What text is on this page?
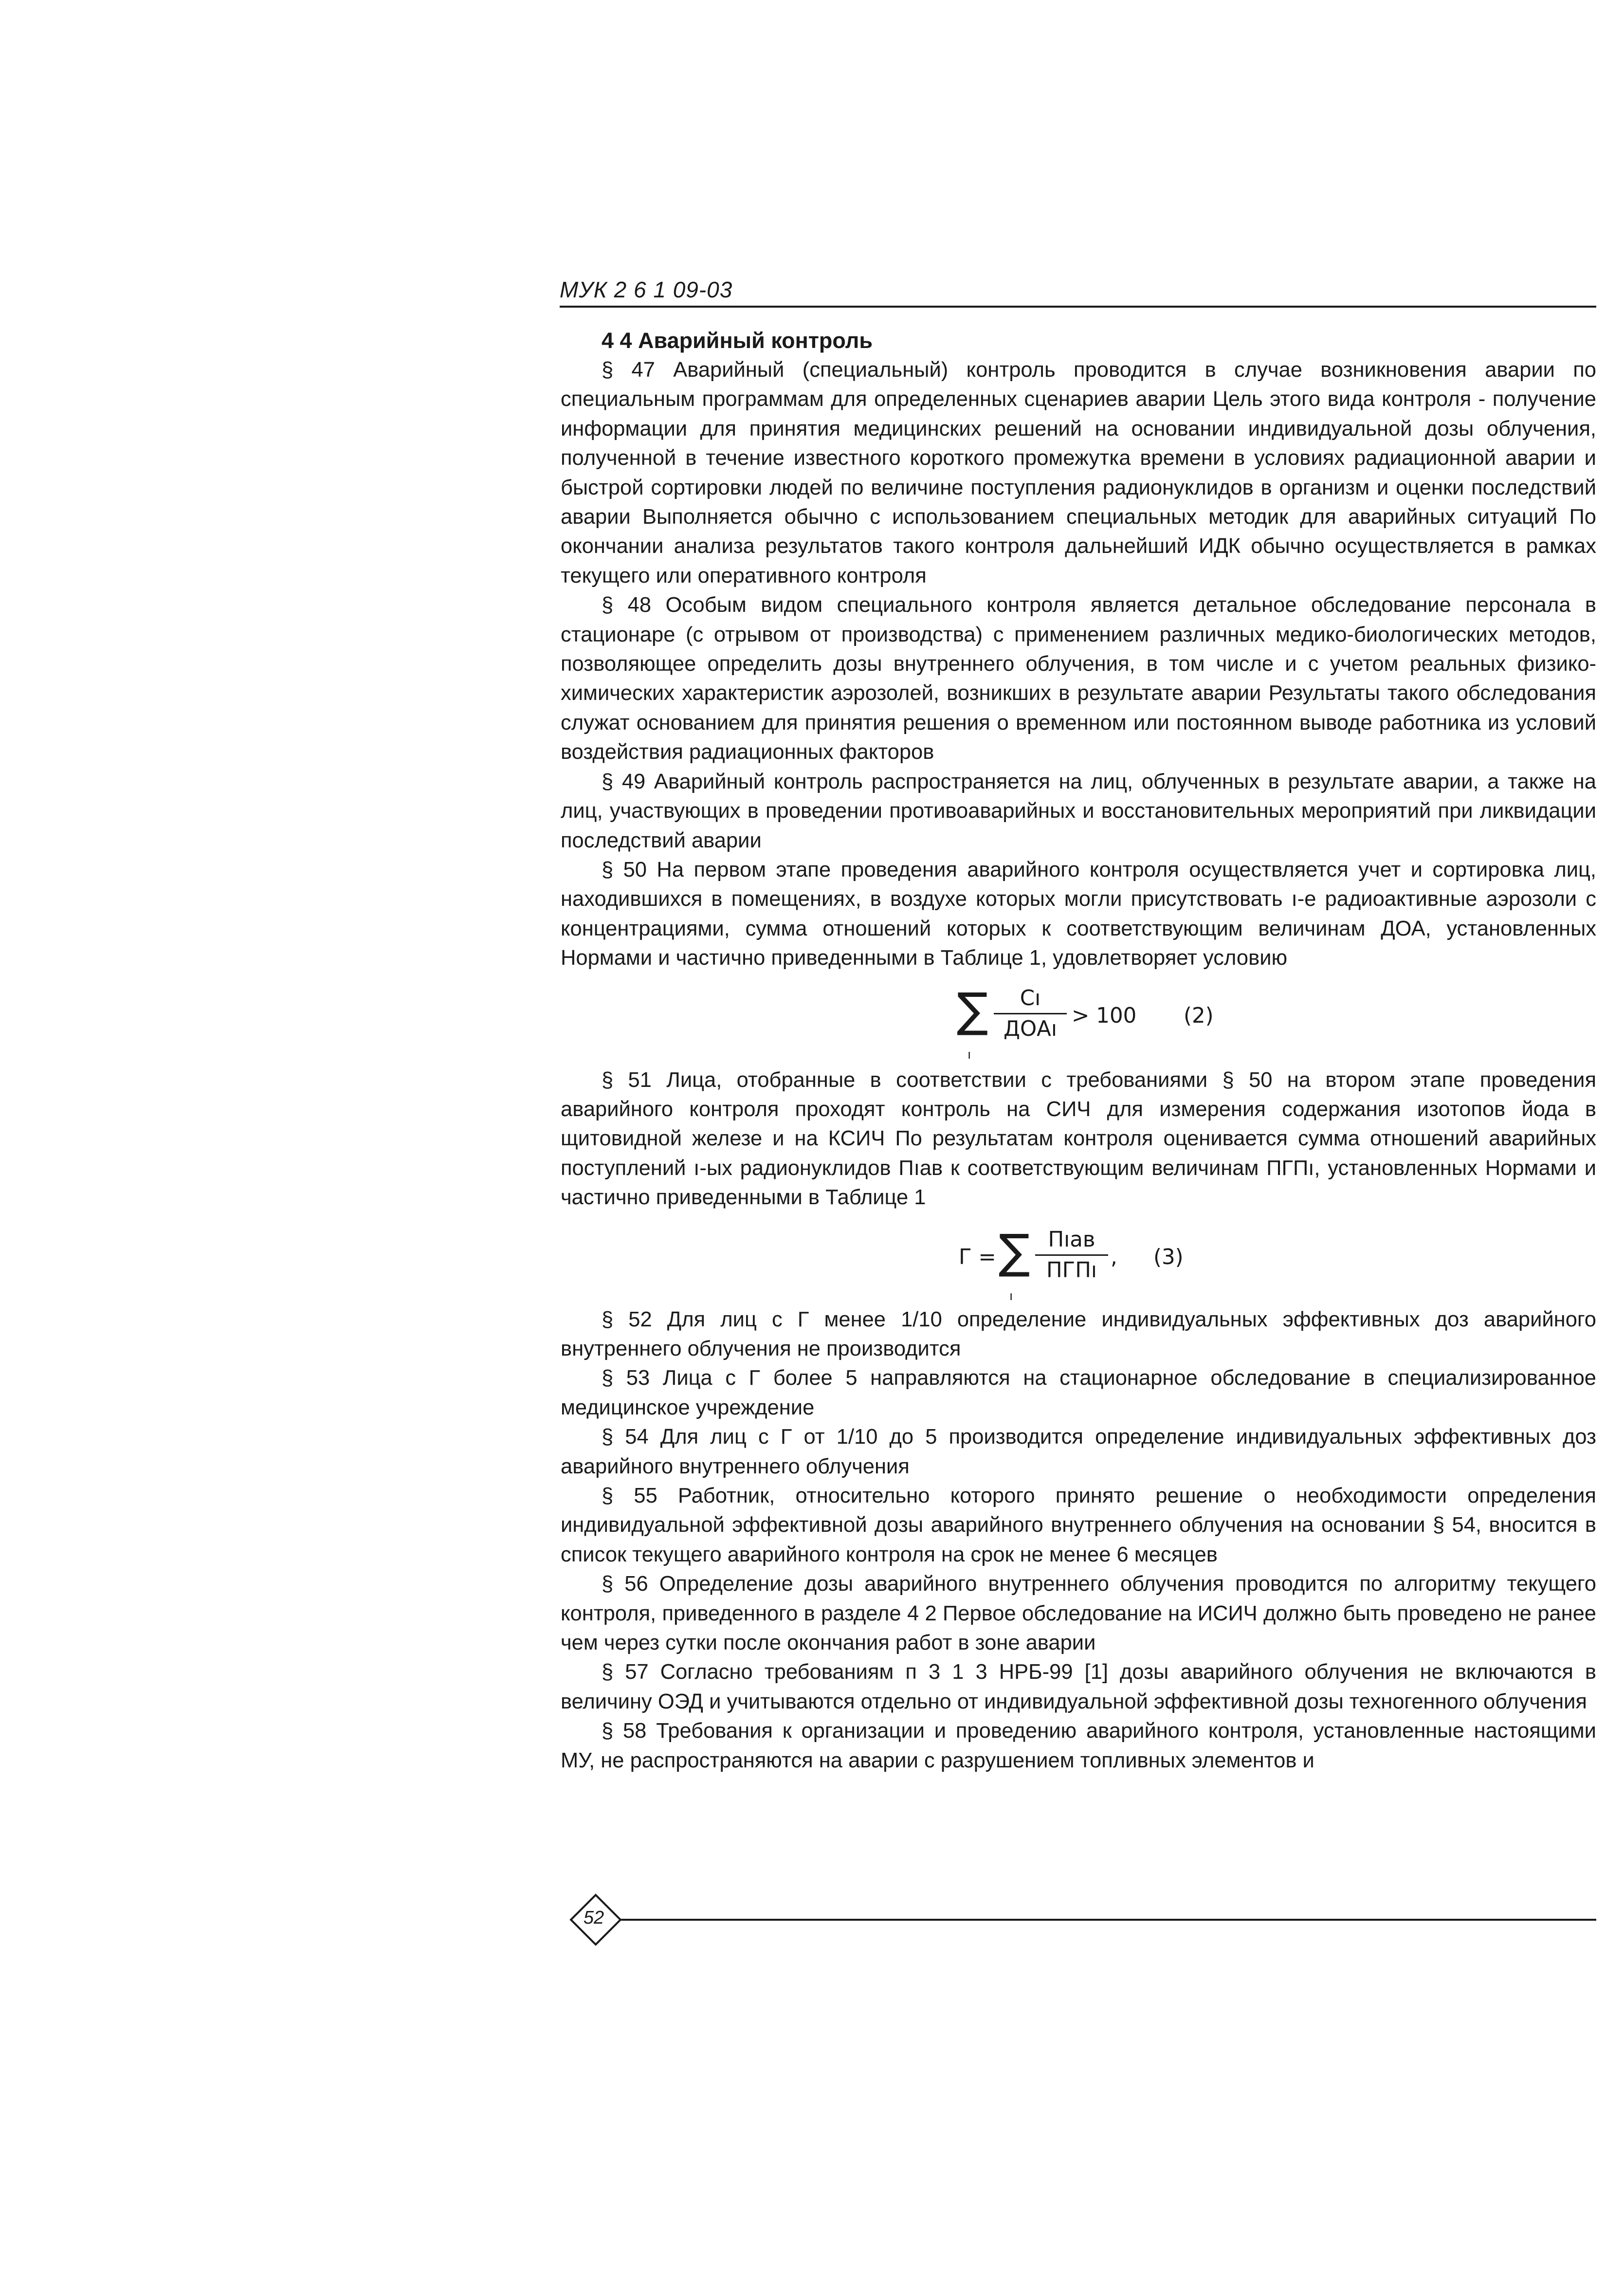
МУК 2 6 1 09-03
4 4 Аварийный контроль

§ 47 Аварийный (специальный) контроль проводится в случае возникновения аварии по специальным программам для определенных сценариев аварии Цель этого вида контроля - получение информации для принятия медицинских решений на основании индивидуальной дозы облучения, полученной в течение известного короткого промежутка времени в условиях радиационной аварии и быстрой сортировки людей по величине поступления радионуклидов в организм и оценки последствий аварии Выполняется обычно с использованием специальных методик для аварийных ситуаций По окончании анализа результатов такого контроля дальнейший ИДК обычно осуществляется в рамках текущего или оперативного контроля

§ 48 Особым видом специального контроля является детальное обследование персонала в стационаре (с отрывом от производства) с применением различных медико-биологических методов, позволяющее определить дозы внутреннего облучения, в том числе и с учетом реальных физико-химических характеристик аэрозолей, возникших в результате аварии Результаты такого обследования служат основанием для принятия решения о временном или постоянном выводе работника из условий воздействия радиационных факторов

§ 49 Аварийный контроль распространяется на лиц, облученных в результате аварии, а также на лиц, участвующих в проведении противоаварийных и восстановительных мероприятий при ликвидации последствий аварии

§ 50 На первом этапе проведения аварийного контроля осуществляется учет и сортировка лиц, находившихся в помещениях, в воздухе которых могли присутствовать ı-е радиоактивные аэрозоли с концентрациями, сумма отношений которых к соответствующим величинам ДОА, установленных Нормами и частично приведенными в Таблице 1, удовлетворяет условию

∑
ı
Cı
ДОАı
> 100 (2)

§ 51 Лица, отобранные в соответствии с требованиями § 50 на втором этапе проведения аварийного контроля проходят контроль на СИЧ для измерения содержания изотопов йода в щитовидной железе и на КСИЧ По результатам контроля оценивается сумма отношений аварийных поступлений ı-ых радионуклидов Пıав к соответствующим величинам ПГПı, установленных Нормами и частично приведенными в Таблице 1

Г = ∑
ı
Пıав
ПГПı
, (3)

§ 52 Для лиц с Г менее 1/10 определение индивидуальных эффективных доз аварийного внутреннего облучения не производится

§ 53 Лица с Г более 5 направляются на стационарное обследование в специализированное медицинское учреждение

§ 54 Для лиц с Г от 1/10 до 5 производится определение индивидуальных эффективных доз аварийного внутреннего облучения

§ 55 Работник, относительно которого принято решение о необходимости определения индивидуальной эффективной дозы аварийного внутреннего облучения на основании § 54, вносится в список текущего аварийного контроля на срок не менее 6 месяцев

§ 56 Определение дозы аварийного внутреннего облучения проводится по алгоритму текущего контроля, приведенного в разделе 4 2 Первое обследование на ИСИЧ должно быть проведено не ранее чем через сутки после окончания работ в зоне аварии

§ 57 Согласно требованиям п 3 1 3 НРБ-99 [1] дозы аварийного облучения не включаются в величину ОЭД и учитываются отдельно от индивидуальной эффективной дозы техногенного облучения

§ 58 Требования к организации и проведению аварийного контроля, установленные настоящими МУ, не распространяются на аварии с разрушением топливных элементов и

52
